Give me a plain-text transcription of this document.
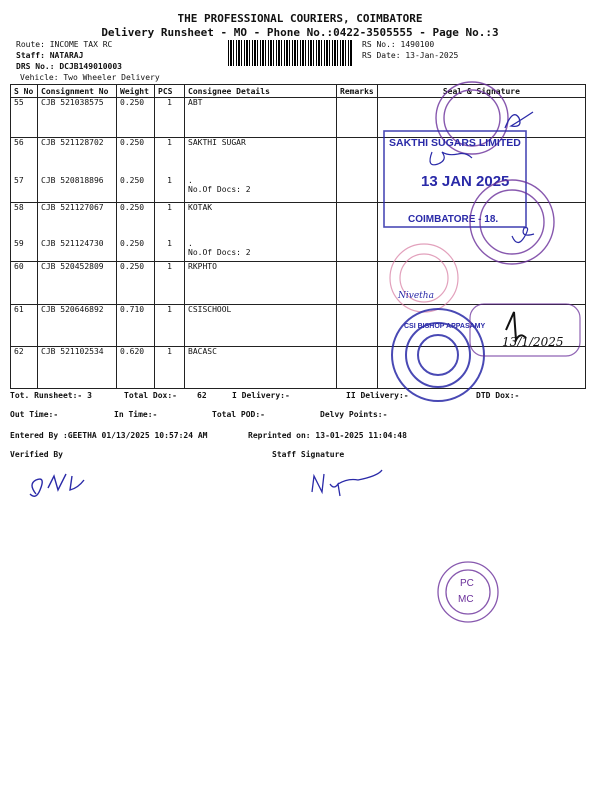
THE PROFESSIONAL COURIERS, COIMBATORE
Delivery Runsheet - MO - Phone No.:0422-3505555 - Page No.:3
Route: INCOME TAX RC
Staff: NATARAJ
DRS No.: DCJB14901000З
Vehicle: Two Wheeler Delivery
RS No.: 1490100
RS Date: 13-Jan-2025
S No	Consignment No	Weight	PCS	Consignee Details	Remarks	Seal & Signature
55	CJB 521038575	0.250	1	ABT		
56	CJB 521128702	0.250	1	SAKTHI SUGAR		
57	CJB 520818896	0.250	1	.
No.Of Docs: 2		

58	CJB 521127067	0.250	1	KOTAK		
59	CJB 521124730	0.250	1	.
No.Of Docs: 2		

60	CJB 520452809	0.250	1	RKPHTO		
61	CJB 520646892	0.710	1	CSISCHOOL		
62	CJB 521102534	0.620	1	BACASC		
Tot. Runsheet:- 3	Total Dox:-	62	I Delivery:-	II Delivery:-	DTD Dox:-
Out Time:-	In Time:-	Total POD:-	Delvy Points:-
Entered By :GEETHA 01/13/2025 10:57:24 AM	Reprinted on: 13-01-2025 11:04:48
Verified By	Staff Signature
SAKTHI SUGARS LIMITED
13 JAN 2025
COIMBATORE - 18.
Nivetha
CSI BISHOP APPASAMY
13/1/2025
PC
MC
